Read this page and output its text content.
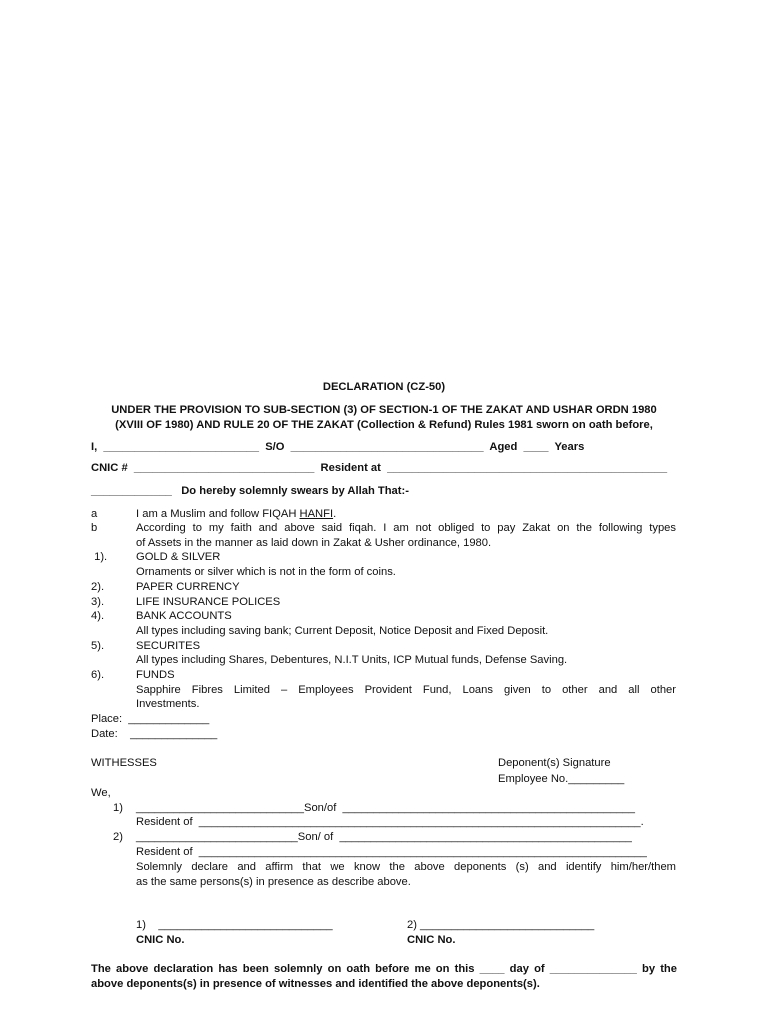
DECLARATION (CZ-50)
UNDER THE PROVISION TO SUB-SECTION (3) OF SECTION-1 OF THE ZAKAT AND USHAR ORDN 1980
(XVIII OF 1980) AND RULE 20 OF THE ZAKAT (Collection & Refund) Rules 1981 sworn on oath before,
I,  _________________________  S/O  _______________________________  Aged  ____  Years
CNIC #  _____________________________  Resident at  _____________________________________________
_____________   Do hereby solemnly swears by Allah That:-
a	I am a Muslim and follow FIQAH HANFI.
b	According to my faith and above said fiqah. I am not obliged to pay Zakat on the following types
of Assets in the manner as laid down in Zakat & Usher ordinance, 1980.
1).	GOLD & SILVER
Ornaments or silver which is not in the form of coins.
2).	PAPER CURRENCY
3).	LIFE INSURANCE POLICES
4).	BANK ACCOUNTS
All types including saving bank; Current Deposit, Notice Deposit and Fixed Deposit.
5).	SECURITES
All types including Shares, Debentures, N.I.T Units, ICP Mutual funds, Defense Saving.
6).	FUNDS
Sapphire Fibres Limited – Employees Provident Fund, Loans given to other and all other
Investments.
Place:  _____________
Date:    ______________
WITHESSES	Deponent(s) Signature
Employee No._________
We,
1) ___________________________Son/of  _______________________________________________
Resident of  _______________________________________________________________________.
2) __________________________Son/ of  _______________________________________________
Resident of  ________________________________________________________________________
Solemnly declare and affirm that we know the above deponents (s) and identify him/her/them
as the same persons(s) in presence as describe above.
1)    ____________________________
CNIC No.
2) ____________________________
CNIC No.
The above declaration has been solemnly on oath before me on this ____ day of ______________ by the
above deponents(s) in presence of witnesses and identified the above deponents(s).
